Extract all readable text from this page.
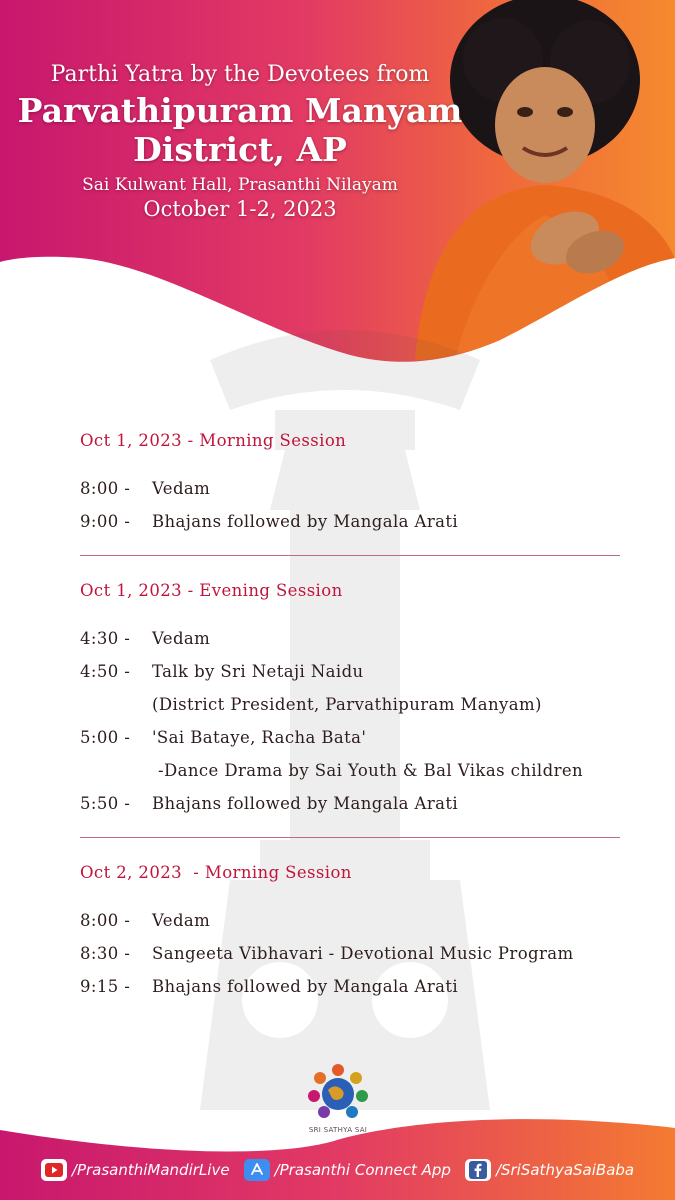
Parthi Yatra by the Devotees from
Parvathipuram Manyam
District, AP
Sai Kulwant Hall, Prasanthi Nilayam
October 1-2, 2023
Oct 1, 2023 - Morning Session
8:00 -	Vedam
9:00 -	Bhajans followed by Mangala Arati
Oct 1, 2023 - Evening Session
4:30 -	Vedam
4:50 -	Talk by Sri Netaji Naidu
(District President, Parvathipuram Manyam)
5:00 -	'Sai Bataye, Racha Bata'
-Dance Drama by Sai Youth & Bal Vikas children
5:50 -	Bhajans followed by Mangala Arati
Oct 2, 2023  - Morning Session
8:00 -	Vedam
8:30 -	Sangeeta Vibhavari - Devotional Music Program
9:15 -	Bhajans followed by Mangala Arati
SRI SATHYA SAI
/PrasanthiMandirLive	/Prasanthi Connect App	/SriSathyaSaiBaba
